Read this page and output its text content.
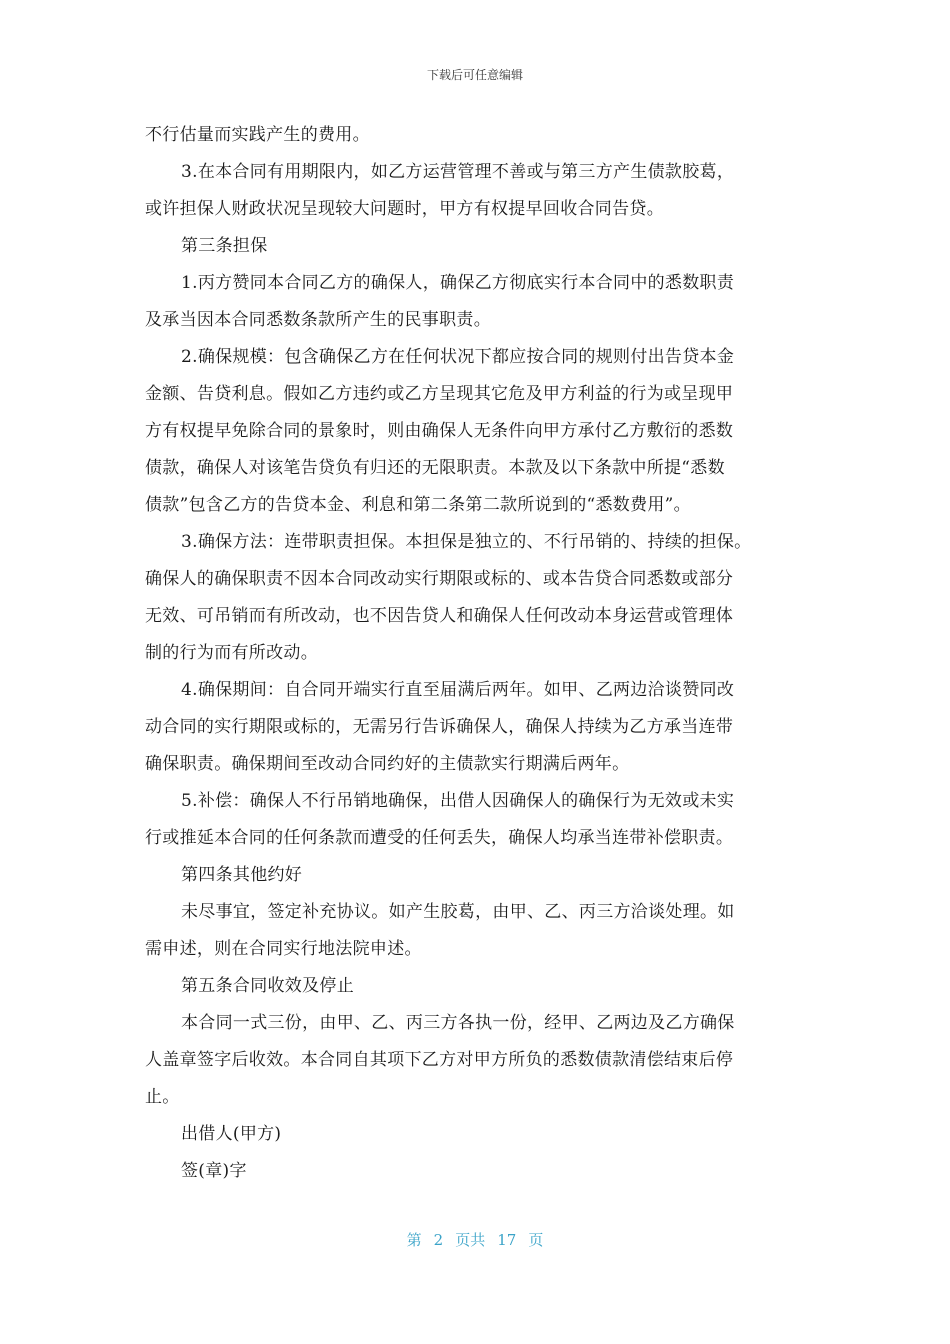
下载后可任意编辑
不行估量而实践产生的费用。
3.在本合同有用期限内，如乙方运营管理不善或与第三方产生债款胶葛，
或许担保人财政状况呈现较大问题时，甲方有权提早回收合同告贷。
第三条担保
1.丙方赞同本合同乙方的确保人，确保乙方彻底实行本合同中的悉数职责
及承当因本合同悉数条款所产生的民事职责。
2.确保规模：包含确保乙方在任何状况下都应按合同的规则付出告贷本金
金额、告贷利息。假如乙方违约或乙方呈现其它危及甲方利益的行为或呈现甲
方有权提早免除合同的景象时，则由确保人无条件向甲方承付乙方敷衍的悉数
债款，确保人对该笔告贷负有归还的无限职责。本款及以下条款中所提“悉数
债款”包含乙方的告贷本金、利息和第二条第二款所说到的“悉数费用”。
3.确保方法：连带职责担保。本担保是独立的、不行吊销的、持续的担保。
确保人的确保职责不因本合同改动实行期限或标的、或本告贷合同悉数或部分
无效、可吊销而有所改动，也不因告贷人和确保人任何改动本身运营或管理体
制的行为而有所改动。
4.确保期间：自合同开端实行直至届满后两年。如甲、乙两边洽谈赞同改
动合同的实行期限或标的，无需另行告诉确保人，确保人持续为乙方承当连带
确保职责。确保期间至改动合同约好的主债款实行期满后两年。
5.补偿：确保人不行吊销地确保，出借人因确保人的确保行为无效或未实
行或推延本合同的任何条款而遭受的任何丢失，确保人均承当连带补偿职责。
第四条其他约好
未尽事宜，签定补充协议。如产生胶葛，由甲、乙、丙三方洽谈处理。如
需申述，则在合同实行地法院申述。
第五条合同收效及停止
本合同一式三份，由甲、乙、丙三方各执一份，经甲、乙两边及乙方确保
人盖章签字后收效。本合同自其项下乙方对甲方所负的悉数债款清偿结束后停
止。
出借人(甲方)
签(章)字
第 2 页共 17 页
